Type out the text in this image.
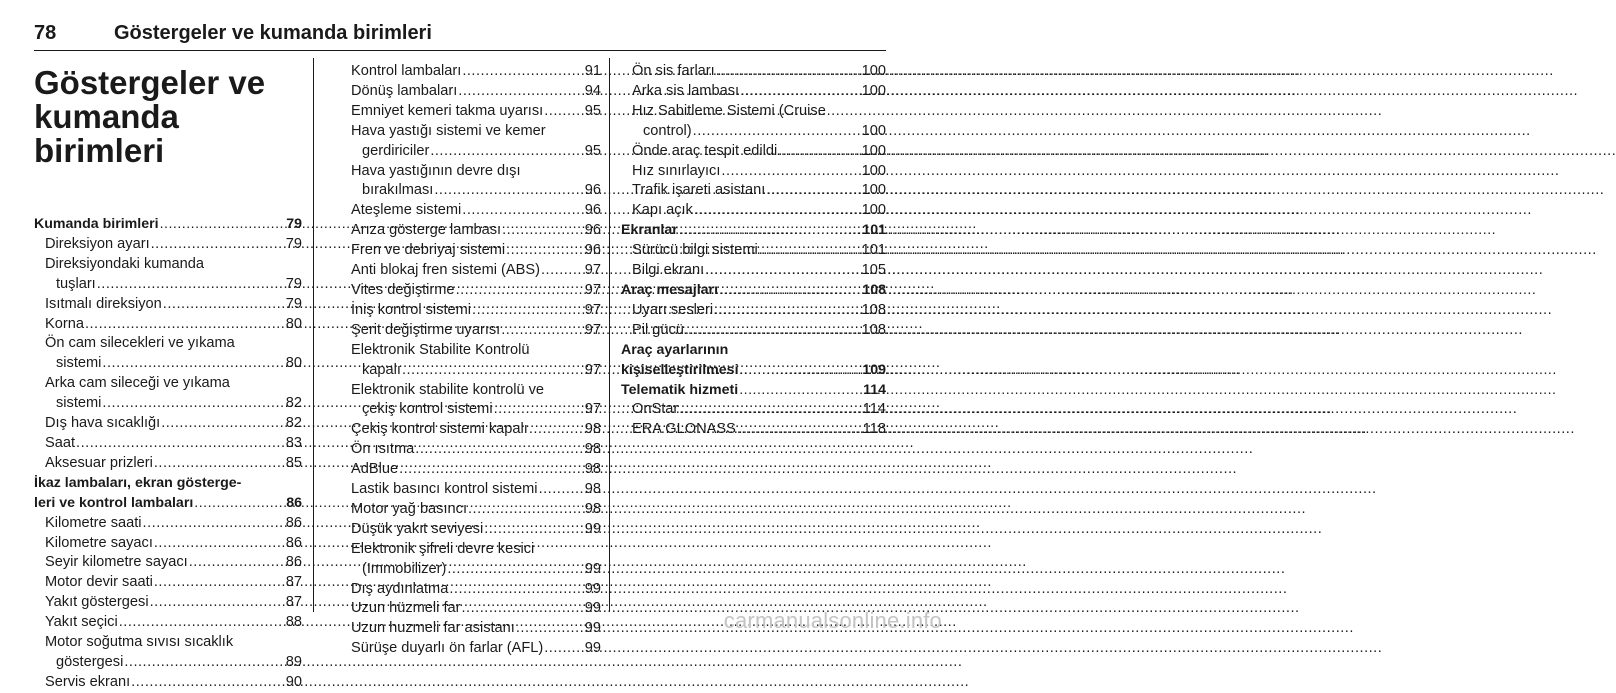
78	Göstergeler ve kumanda birimleri
Göstergeler ve kumanda birimleri
Kumanda birimleri .....	79
Direksiyon ayarı .....	79
Direksiyondaki kumanda
tuşları .....	79
Isıtmalı direksiyon .....	79
Korna .....	80
Ön cam silecekleri ve yıkama
sistemi .....	80
Arka cam sileceği ve yıkama
sistemi .....	82
Dış hava sıcaklığı .....	82
Saat .....	83
Aksesuar prizleri .....	85
İkaz lambaları, ekran gösterge-
leri ve kontrol lambaları .....	86
Kilometre saati .....	86
Kilometre sayacı .....	86
Seyir kilometre sayacı .....	86
Motor devir saati .....	87
Yakıt göstergesi .....	87
Yakıt seçici .....	88
Motor soğutma sıvısı sıcaklık
göstergesi .....	89
Servis ekranı .....	90
Kontrol lambaları .....	91
Dönüş lambaları .....	94
Emniyet kemeri takma uyarısı .....	95
Hava yastığı sistemi ve kemer
gerdiriciler .....	95
Hava yastığının devre dışı
bırakılması .....	96
Ateşleme sistemi .....	96
Arıza gösterge lambası .....	96
Fren ve debriyaj sistemi .....	96
Anti blokaj fren sistemi (ABS) .....	97
Vites değiştirme .....	97
İniş kontrol sistemi .....	97
Şerit değiştirme uyarısı .....	97
Elektronik Stabilite Kontrolü
kapalı .....	97
Elektronik stabilite kontrolü ve
çekiş kontrol sistemi .....	97
Çekiş kontrol sistemi kapalı .....	98
Ön ısıtma .....	98
AdBlue .....	98
Lastik basıncı kontrol sistemi .....	98
Motor yağ basıncı .....	98
Düşük yakıt seviyesi .....	99
Elektronik şifreli devre kesici
(Immobilizer) .....	99
Dış aydınlatma .....	99
Uzun hüzmeli far .....	99
Uzun huzmeli far asistanı .....	99
Sürüşe duyarlı ön farlar (AFL) .....	99
Ön sis farları .....	100
Arka sis lambası .....	100
Hız Sabitleme Sistemi (Cruise
control) .....	100
Önde araç tespit edildi .....	100
Hız sınırlayıcı .....	100
Trafik işareti asistanı .....	100
Kapı açık .....	100
Ekranlar .....	101
Sürücü bilgi sistemi .....	101
Bilgi ekranı .....	105
Araç mesajları .....	108
Uyarı sesleri .....	108
Pil gücü .....	108
Araç ayarlarının
kişiselleştirilmesi .....	109
Telematik hizmeti .....	114
OnStar .....	114
ERA GLONASS .....	118
carmanualsonline.info
